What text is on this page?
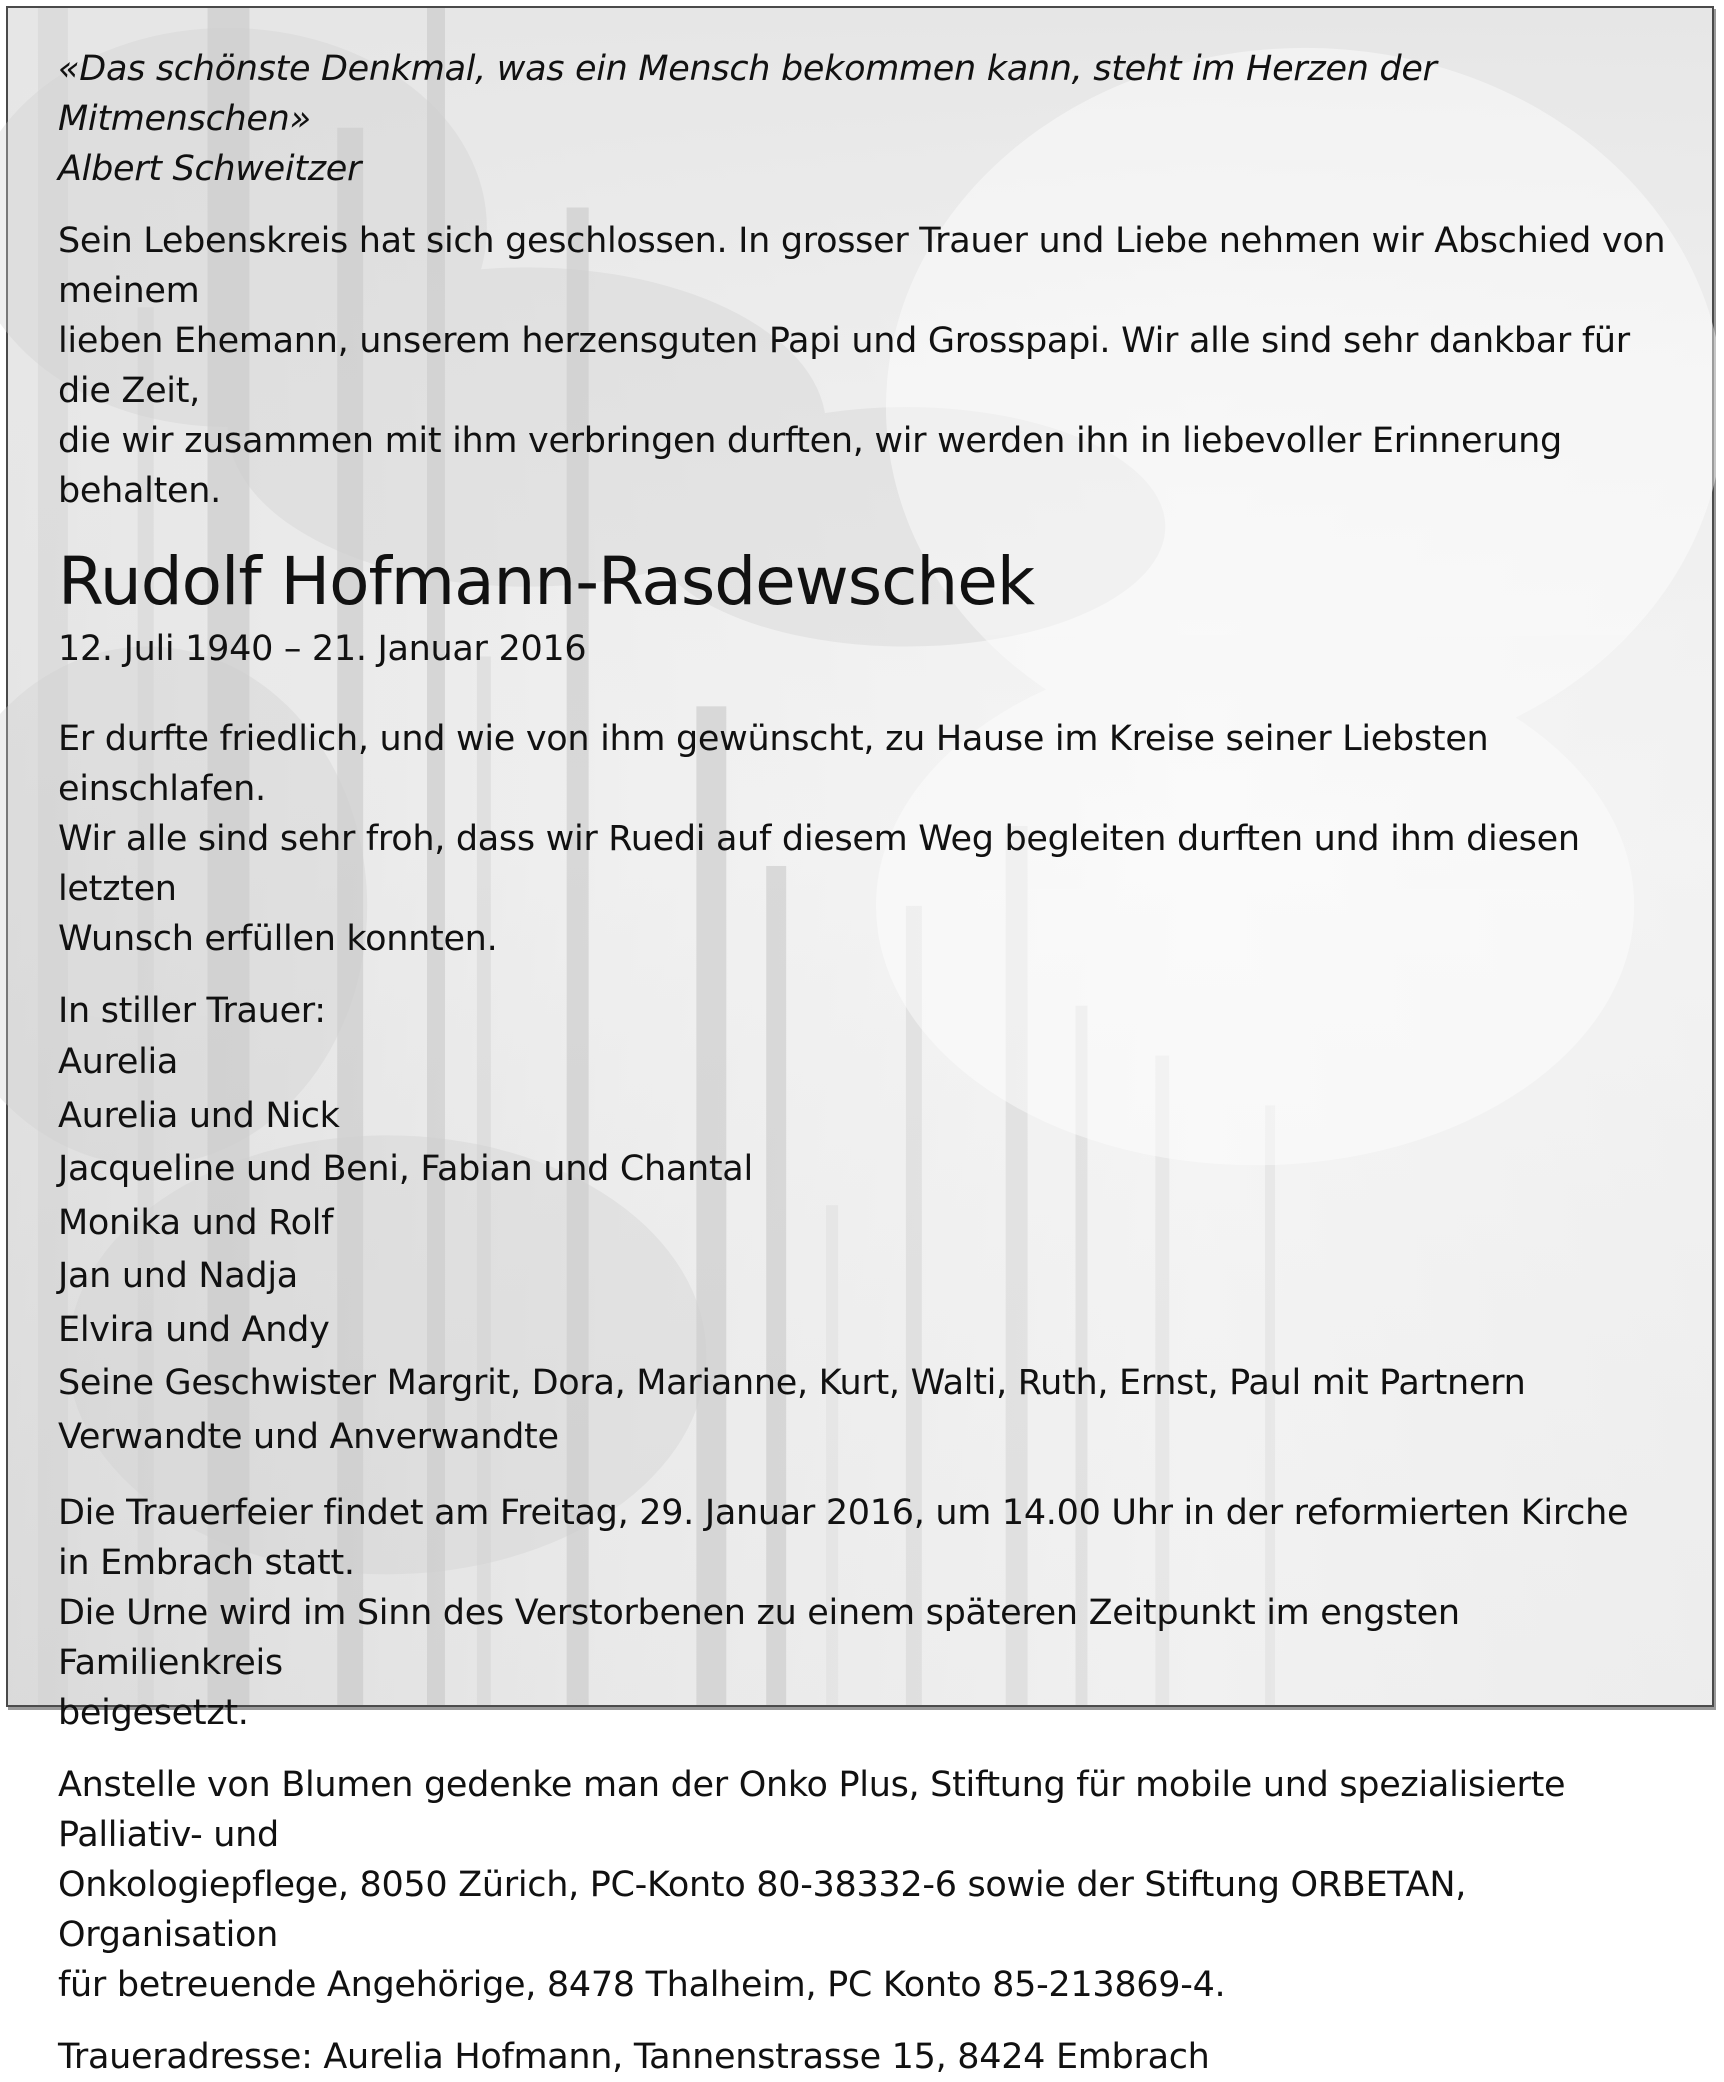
«Das schönste Denkmal, was ein Mensch bekommen kann, steht im Herzen der Mitmenschen»

Albert Schweitzer

Sein Lebenskreis hat sich geschlossen. In grosser Trauer und Liebe nehmen wir Abschied von meinem

lieben Ehemann, unserem herzensguten Papi und Grosspapi. Wir alle sind sehr dankbar für die Zeit,

die wir zusammen mit ihm verbringen durften, wir werden ihn in liebevoller Erinnerung behalten.

Rudolf Hofmann-Rasdewschek

12. Juli 1940 – 21. Januar 2016

Er durfte friedlich, und wie von ihm gewünscht, zu Hause im Kreise seiner Liebsten einschlafen.

Wir alle sind sehr froh, dass wir Ruedi auf diesem Weg begleiten durften und ihm diesen letzten

Wunsch erfüllen konnten.

In stiller Trauer:
Aurelia
Aurelia und Nick
Jacqueline und Beni, Fabian und Chantal
Monika und Rolf
Jan und Nadja
Elvira und Andy
Seine Geschwister Margrit, Dora, Marianne, Kurt, Walti, Ruth, Ernst, Paul mit Partnern
Verwandte und Anverwandte

Die Trauerfeier findet am Freitag, 29. Januar 2016, um 14.00 Uhr in der reformierten Kirche

in Embrach statt.

Die Urne wird im Sinn des Verstorbenen zu einem späteren Zeitpunkt im engsten Familienkreis

beigesetzt.

Anstelle von Blumen gedenke man der Onko Plus, Stiftung für mobile und spezialisierte Palliativ- und

Onkologiepflege, 8050 Zürich, PC-Konto 80-38332-6 sowie der Stiftung ORBETAN, Organisation

für betreuende Angehörige, 8478 Thalheim, PC Konto 85-213869-4.

Traueradresse: Aurelia Hofmann, Tannenstrasse 15, 8424 Embrach
